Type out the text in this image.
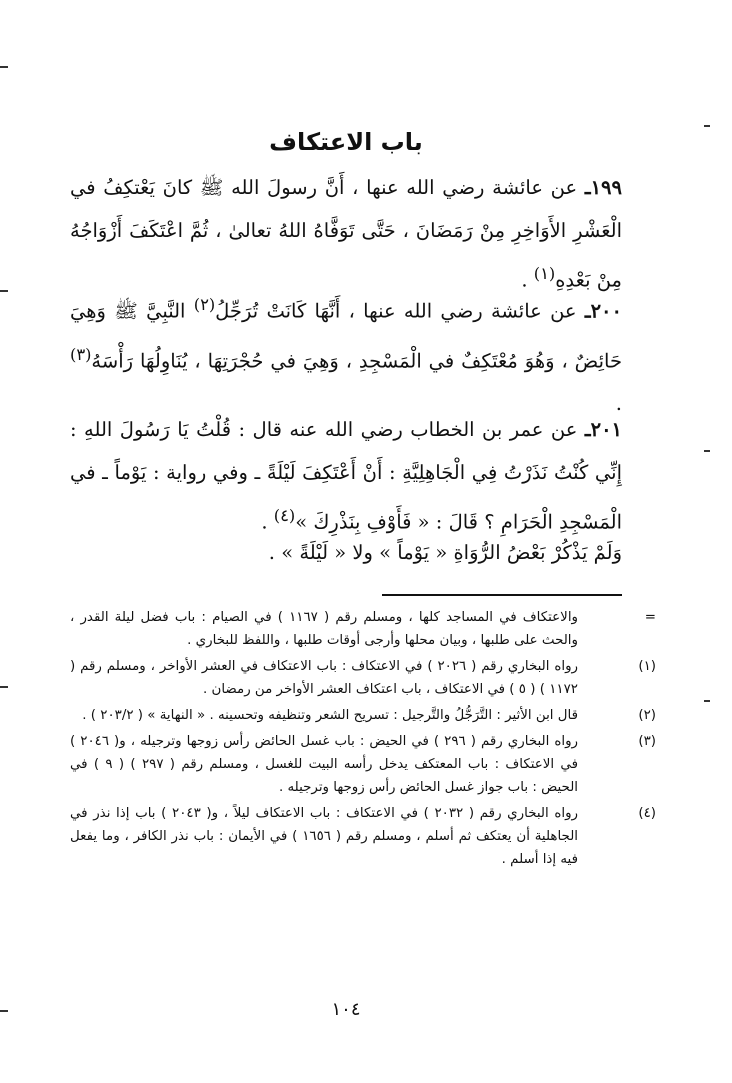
باب الاعتكاف

١٩٩ـ عن عائشة رضي الله عنها ، أَنَّ رسولَ الله ﷺ كانَ يَعْتكِفُ في الْعَشْرِ الأَوَاخِرِ مِنْ رَمَضَانَ ، حَتَّى تَوَفَّاهُ اللهُ تعالىٰ ، ثُمَّ اعْتَكَفَ أَزْوَاجُهُ مِنْ بَعْدِهِ$^{(١)}$ .

٢٠٠ـ عن عائشة رضي الله عنها ، أَنَّهَا كَانَتْ تُرَجِّلُ$^{(٢)}$ النَّبِيَّ ﷺ وَهِيَ حَائِضٌ ، وَهُوَ مُعْتَكِفٌ في الْمَسْجِدِ ، وَهِيَ في حُجْرَتِهَا ، يُنَاوِلُهَا رَأْسَهُ$^{(٣)}$ .

٢٠١ـ عن عمر بن الخطاب رضي الله عنه قال : قُلْتُ يَا رَسُولَ اللهِ : إِنِّي كُنْتُ نَذَرْتُ فِي الْجَاهِلِيَّةِ : أَنْ أَعْتَكِفَ لَيْلَةً ـ وفي رواية : يَوْماً ـ في الْمَسْجِدِ الْحَرَامِ ؟ قَالَ : « فَأَوْفِ بِنَذْرِكَ »$^{(٤)}$ .

وَلَمْ يَذْكُرْ بَعْضُ الرُّوَاةِ « يَوْماً » ولا « لَيْلَةً » .

=
والاعتكاف في المساجد كلها ، ومسلم رقم ( ١١٦٧ ) في الصيام : باب فضل ليلة القدر ، والحث على طلبها ، وبيان محلها وأرجى أوقات طلبها ، واللفظ للبخاري .
(١)
رواه البخاري رقم ( ٢٠٢٦ ) في الاعتكاف : باب الاعتكاف في العشر الأواخر ، ومسلم رقم ( ١١٧٢ ) ( ٥ ) في الاعتكاف ، باب اعتكاف العشر الأواخر من رمضان .
(٢)
قال ابن الأثير : التَّرَجُّلُ والتَّرجيل : تسريح الشعر وتنظيفه وتحسينه . « النهاية » ( ٢٠٣/٢ ) .
(٣)
رواه البخاري رقم ( ٢٩٦ ) في الحيض : باب غسل الحائض رأس زوجها وترجيله ، و( ٢٠٤٦ ) في الاعتكاف : باب المعتكف يدخل رأسه البيت للغسل ، ومسلم رقم ( ٢٩٧ ) ( ٩ ) في الحيض : باب جواز غسل الحائض رأس زوجها وترجيله .
(٤)
رواه البخاري رقم ( ٢٠٣٢ ) في الاعتكاف : باب الاعتكاف ليلاً ، و( ٢٠٤٣ ) باب إذا نذر في الجاهلية أن يعتكف ثم أسلم ، ومسلم رقم ( ١٦٥٦ ) في الأيمان : باب نذر الكافر ، وما يفعل فيه إذا أسلم .
١٠٤
